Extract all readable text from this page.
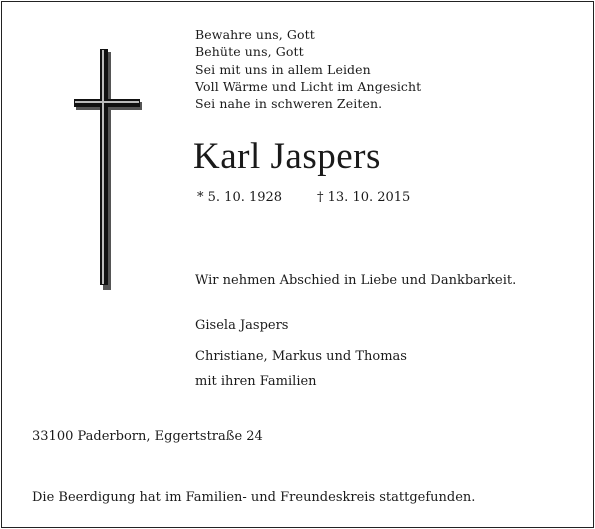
Bewahre uns, Gott
Behüte uns, Gott
Sei mit uns in allem Leiden
Voll Wärme und Licht im Angesicht
Sei nahe in schweren Zeiten.
Karl Jaspers
* 5. 10. 1928	† 13. 10. 2015
Wir nehmen Abschied in Liebe und Dankbarkeit.
Gisela Jaspers
Christiane, Markus und Thomas
mit ihren Familien
33100 Paderborn, Eggertstraße 24
Die Beerdigung hat im Familien- und Freundeskreis stattgefunden.
